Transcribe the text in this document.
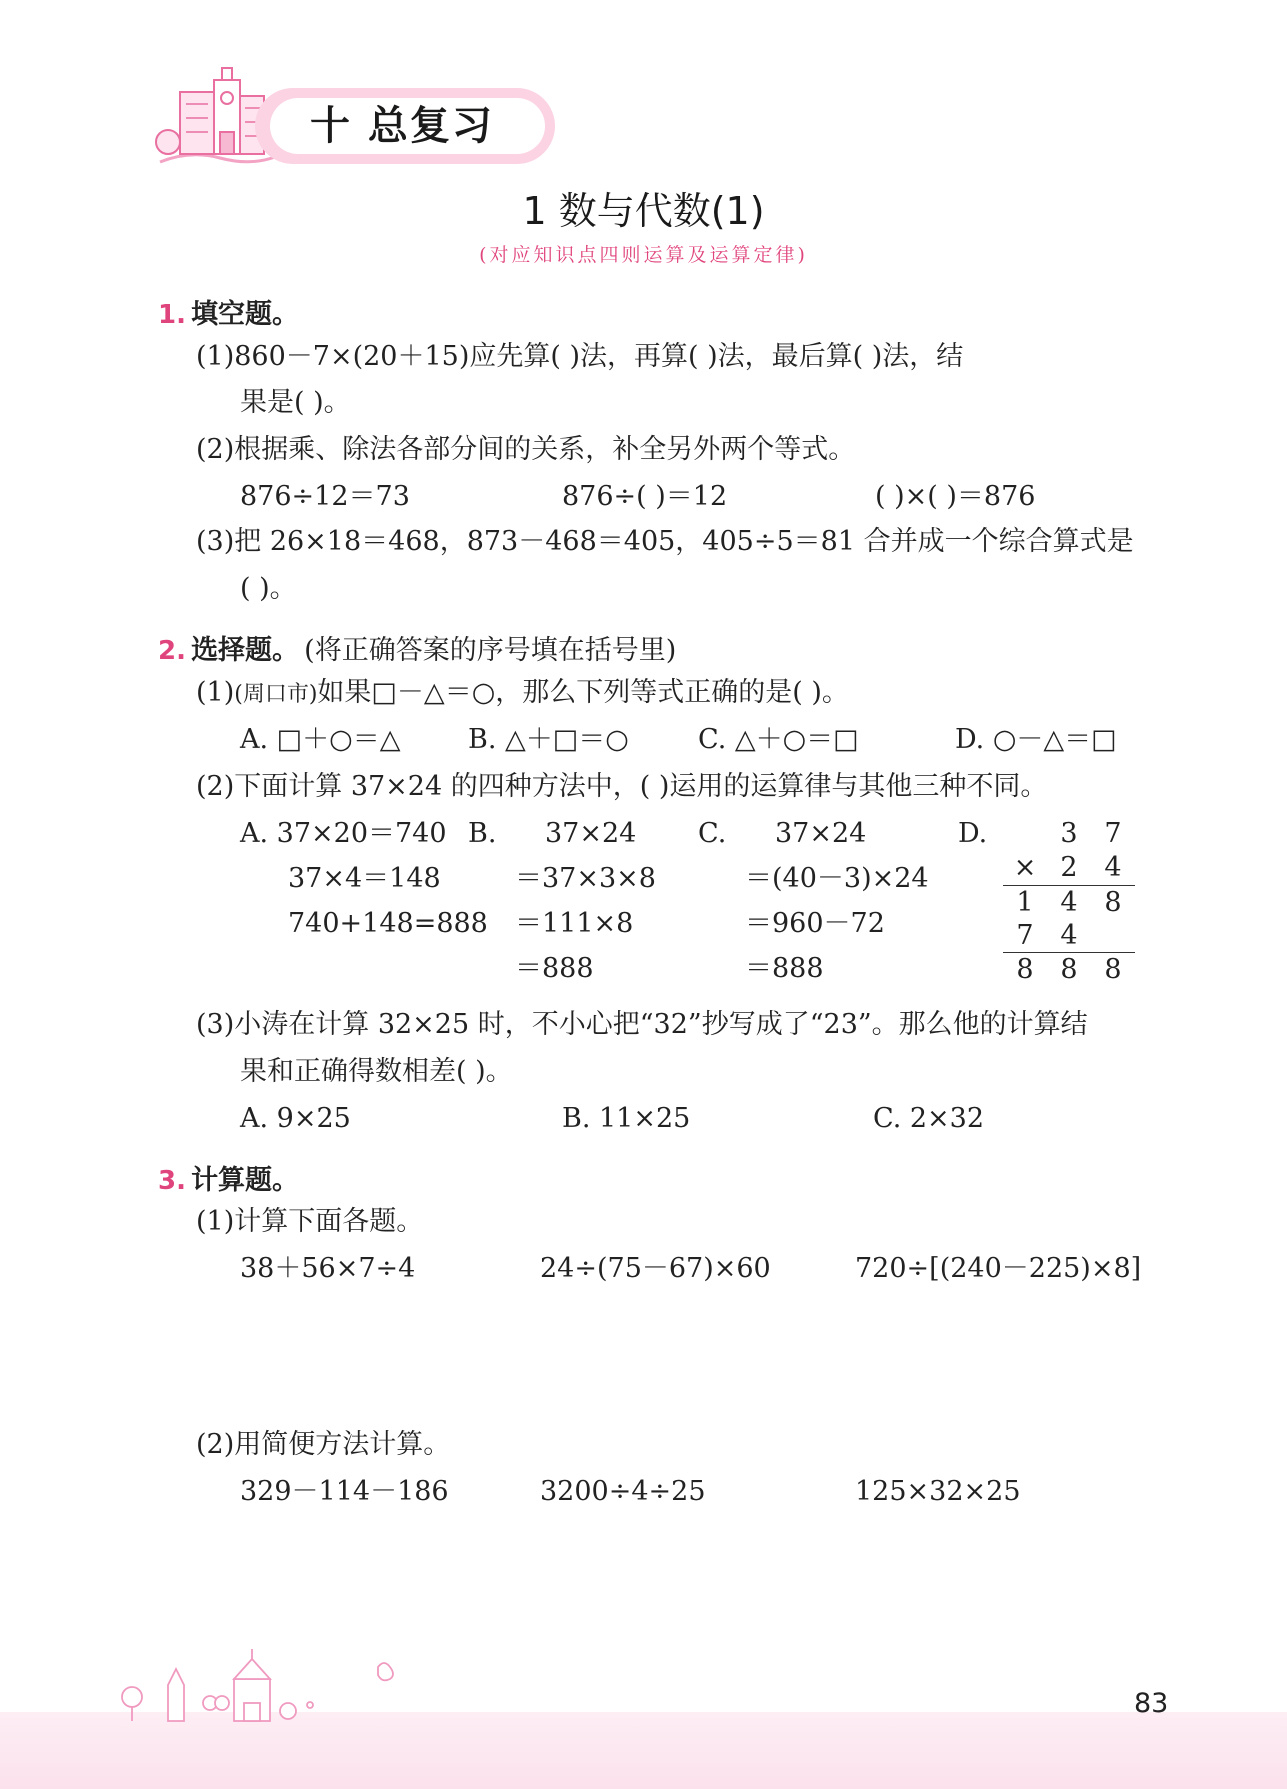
十 总复习
1 数与代数(1)
(对应知识点四则运算及运算定律)
1. 填空题。
(1)860－7×(20＋15)应先算( )法，再算( )法，最后算( )法，结
果是( )。
(2)根据乘、除法各部分间的关系，补全另外两个等式。
876÷12＝73	876÷( )＝12	( )×( )＝876
(3)把 26×18＝468，873－468＝405，405÷5＝81 合并成一个综合算式是
( )。
2. 选择题。 (将正确答案的序号填在括号里)
(1)(周口市)如果□－△＝○，那么下列等式正确的是( )。
A. □＋○＝△	B. △＋□＝○	C. △＋○＝□	D. ○－△＝□
(2)下面计算 37×24 的四种方法中，( )运用的运算律与其他三种不同。
A. 37×20＝740
37×4＝148
740+148=888
B. 37×24
＝37×3×8
＝111×8
＝888
C. 37×24
＝(40－3)×24
＝960－72
＝888
D.	3 7
× 2 4
1 4 8
7 4
8 8 8
(3)小涛在计算 32×25 时，不小心把“32”抄写成了“23”。那么他的计算结
果和正确得数相差( )。
A. 9×25	B. 11×25	C. 2×32
3. 计算题。
(1)计算下面各题。
38＋56×7÷4	24÷(75－67)×60	720÷[(240－225)×8]
(2)用简便方法计算。
329－114－186	3200÷4÷25	125×32×25
83
